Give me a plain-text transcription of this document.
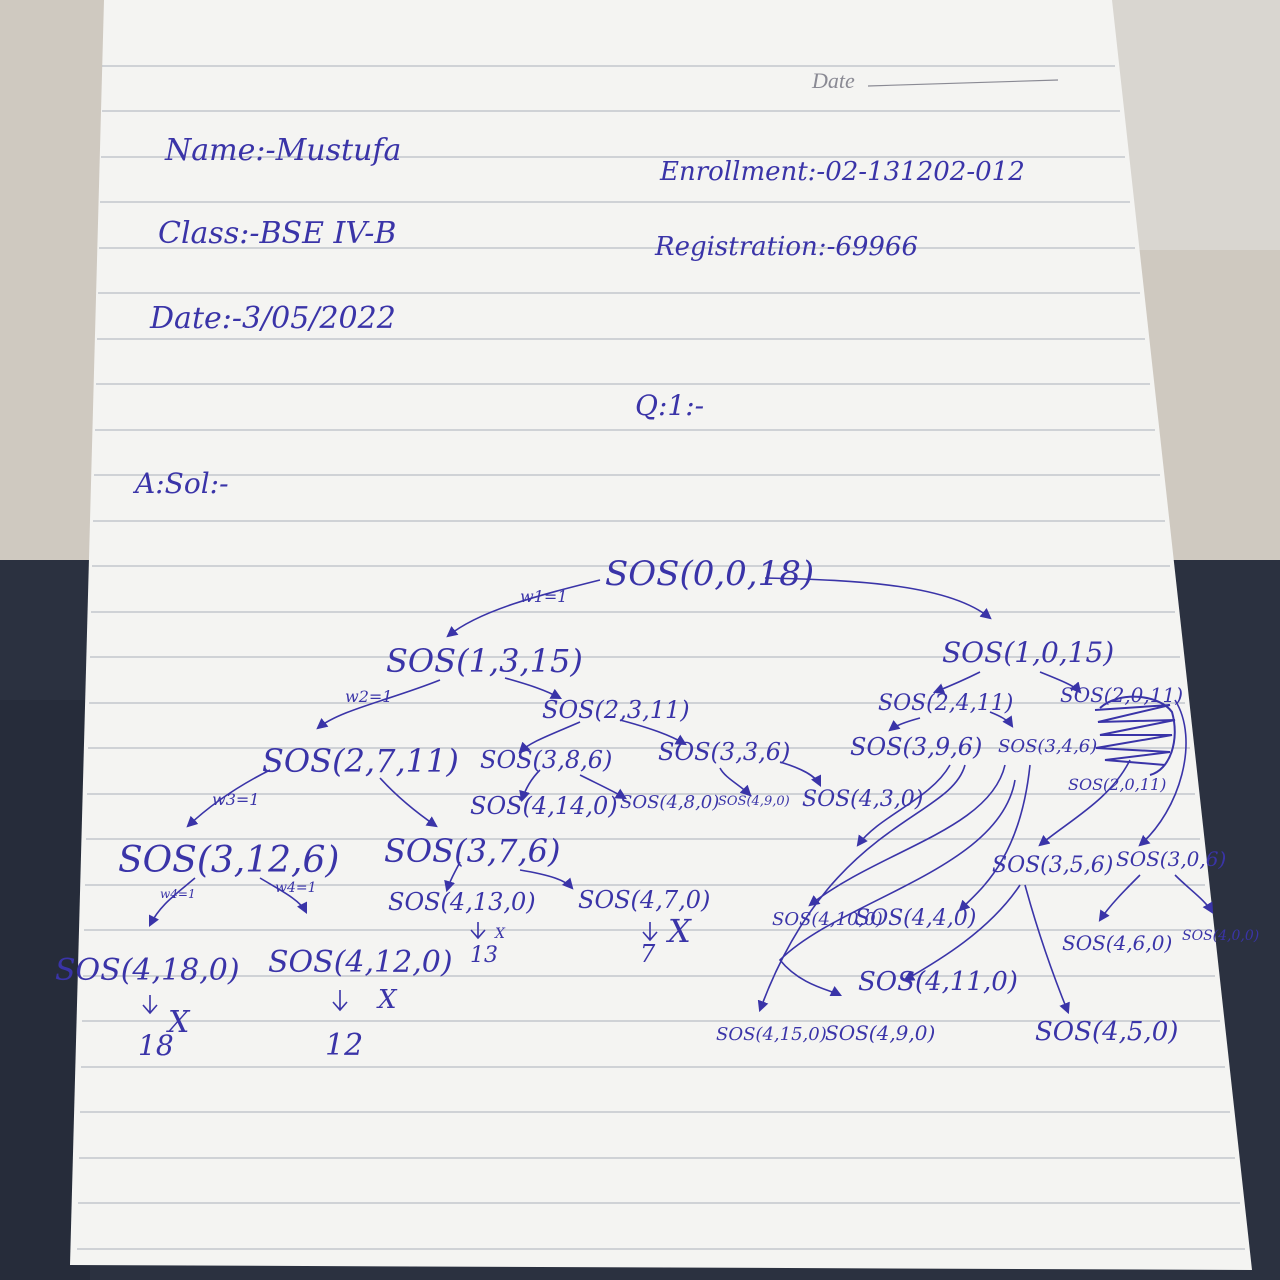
Date
Name:-Mustufa
Class:-BSE IV-B
Date:-3/05/2022
Enrollment:-02-131202-012
Registration:-69966
Q:1:-
A:Sol:-
SOS(0,0,18)
SOS(1,3,15)	SOS(1,0,15)
SOS(2,7,11)
SOS(2,3,11)	SOS(2,4,11) SOS(2,0,11)
SOS(2,0,11)
SOS(3,8,6) SOS(3,3,6) SOS(3,9,6) SOS(3,4,6)
SOS(4,14,0) SOS(4,8,0)
SOS(4,9,0) SOS(4,3,0)
SOS(3,12,6) SOS(3,7,6)
SOS(4,18,0) SOS(4,12,0)
SOS(4,13,0) SOS(4,7,0)
SOS(3,5,6) SOS(3,0,6)
SOS(4,10,0)
SOS(4,4,0)
SOS(4,11,0)
SOS(4,6,0) SOS(4,0,0)
SOS(4,15,0)
SOS(4,9,0)	SOS(4,5,0)
w1=1
w2=1
w3=1
w4=1	w4=1
18
X
12
X
13
X
7
X
